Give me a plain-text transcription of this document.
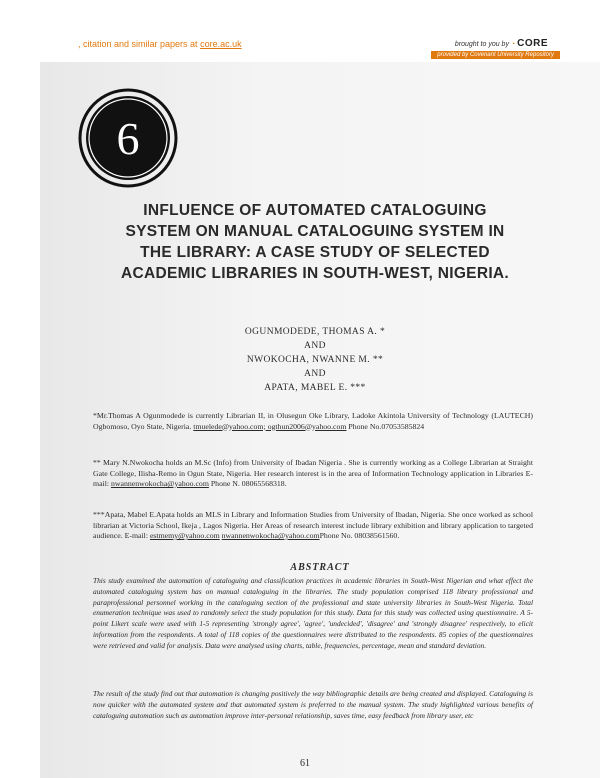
, citation and similar papers at core.ac.uk	brought to you by ◔ CORE
provided by Covenant University Repository
6
INFLUENCE OF AUTOMATED CATALOGUING
SYSTEM ON MANUAL CATALOGUING SYSTEM IN
THE LIBRARY: A CASE STUDY OF SELECTED
ACADEMIC LIBRARIES IN SOUTH-WEST, NIGERIA.
OGUNMODEDE, THOMAS A. *
AND
NWOKOCHA, NWANNE M. **
AND
APATA, MABEL E. ***
*Mr.Thomas A Ogunmodede is currently Librarian II, in Olusegun Oke Library, Ladoke Akintola University of Technology (LAUTECH) Ogbomoso, Oyo State, Nigeria. tmuelede@yahoo.com; ogthun2006@yahoo.com Phone No.07053585824
** Mary N.Nwokocha holds an M.Sc (Info) from University of Ibadan Nigeria . She is currently working as a College Librarian at Straight Gate College, Ilisha-Remo in Ogun State, Nigeria. Her research interest is in the area of Information Technology application in Libraries E-mail: nwannenwokocha@yahoo.com Phone N. 08065568318.
***Apata, Mabel E.Apata holds an MLS in Library and Information Studies from University of Ibadan, Nigeria. She once worked as school librarian at Victoria School, Ikeja , Lagos Nigeria. Her Areas of research interest include library exhibition and library application to targeted audience. E-mail: estmemy@yahoo.com nwannenwokocha@yahoo.comPhone No. 08038561560.
ABSTRACT
This study examined the automation of cataloguing and classification practices in academic libraries in South-West Nigerian and what effect the automated cataloguing system has on manual cataloguing in the libraries. The study population comprised 118 library professional and paraprofessional personnel working in the cataloguing section of the professional and state university libraries in South-West Nigeria. Total enumeration technique was used to randomly select the study population for this study. Data for this study was collected using questionnaire. A 5-point Likert scale were used with 1-5 representing 'strongly agree', 'agree', 'undecided', 'disagree' and 'strongly disagree' respectively, to elicit information from the respondents. A total of 118 copies of the questionnaires were distributed to the respondents. 85 copies of the questionnaires were retrieved and valid for analysis. Data were analysed using charts, table, frequencies, percentage, mean and standard deviation.
The result of the study find out that automation is changing positively the way bibliographic details are being created and displayed. Cataloguing is now quicker with the automated system and that automated system is preferred to the manual system. The study highlighted various benefits of cataloguing automation such as automation improve inter-personal relationship, saves time, easy feedback from library user, etc
61
